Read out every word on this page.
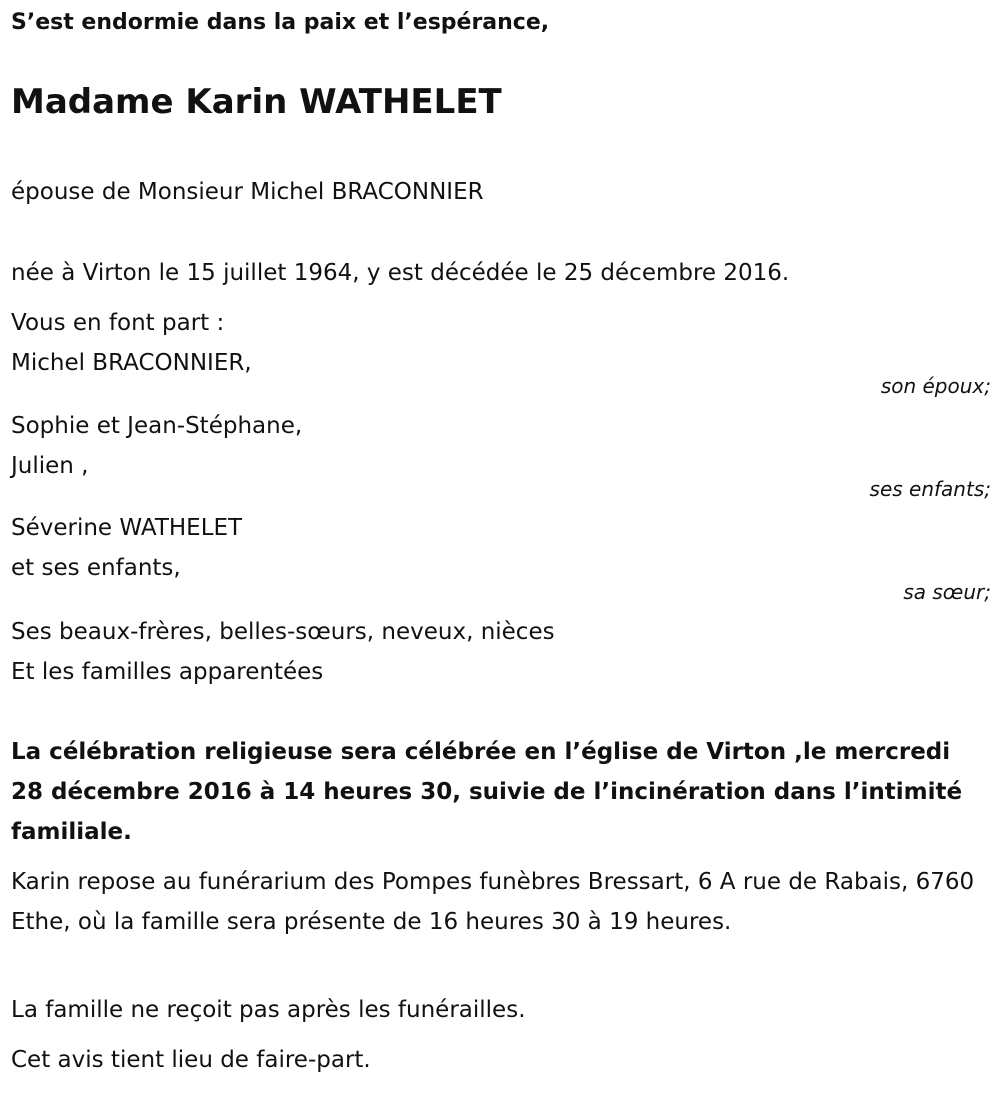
S’est endormie dans la paix et l’espérance,
Madame Karin WATHELET
épouse de Monsieur Michel BRACONNIER
née à Virton le 15 juillet 1964, y est décédée le 25 décembre 2016.
Vous en font part :
Michel BRACONNIER,
son époux;
Sophie et Jean-Stéphane,
Julien ,
ses enfants;
Séverine WATHELET
et ses enfants,
sa sœur;
Ses beaux-frères, belles-sœurs, neveux, nièces
Et les familles apparentées
La célébration religieuse sera célébrée en l’église de Virton ,le mercredi 28 décembre 2016 à 14 heures 30, suivie de l’incinération dans l’intimité familiale.
Karin repose au funérarium des Pompes funèbres Bressart, 6 A rue de Rabais, 6760 Ethe, où la famille sera présente de 16 heures 30 à 19 heures.
La famille ne reçoit pas après les funérailles.
Cet avis tient lieu de faire-part.
